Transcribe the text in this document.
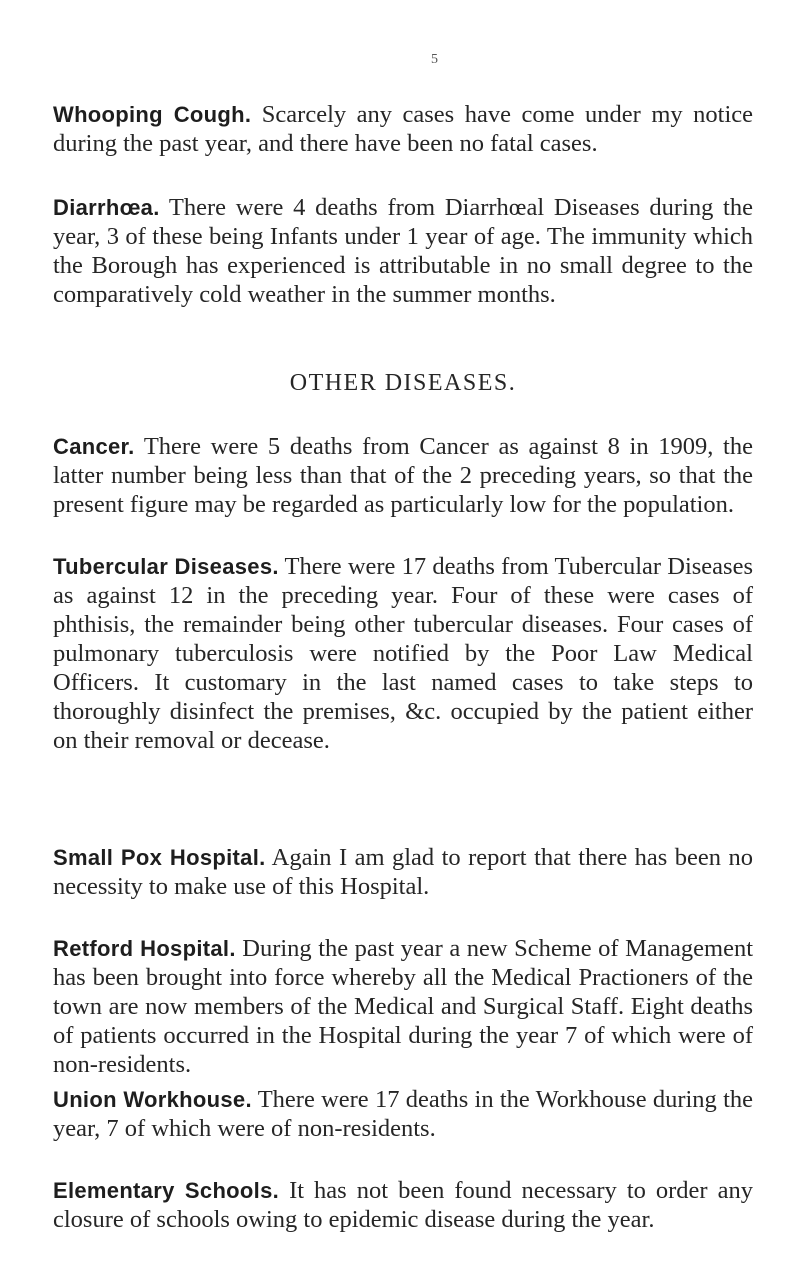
5

Whooping Cough. Scarcely any cases have come under my notice during the past year, and there have been no fatal cases.

Diarrhœa. There were 4 deaths from Diarrhœal Diseases during the year, 3 of these being Infants under 1 year of age. The immunity which the Borough has experienced is attributable in no small degree to the comparatively cold weather in the summer months.

OTHER DISEASES.

Cancer. There were 5 deaths from Cancer as against 8 in 1909, the latter number being less than that of the 2 preceding years, so that the present figure may be regarded as particularly low for the population.

Tubercular Diseases. There were 17 deaths from Tubercular Diseases as against 12 in the preceding year. Four of these were cases of phthisis, the remainder being other tubercular diseases. Four cases of pulmonary tuberculosis were notified by the Poor Law Medical Officers. It customary in the last named cases to take steps to thoroughly disinfect the premises, &c. occupied by the patient either on their removal or decease.

Small Pox Hospital. Again I am glad to report that there has been no necessity to make use of this Hospital.

Retford Hospital. During the past year a new Scheme of Management has been brought into force whereby all the Medical Practioners of the town are now members of the Medical and Surgical Staff. Eight deaths of patients occurred in the Hospital during the year 7 of which were of non-residents.

Union Workhouse. There were 17 deaths in the Workhouse during the year, 7 of which were of non-residents.

Elementary Schools. It has not been found necessary to order any closure of schools owing to epidemic disease during the year.
